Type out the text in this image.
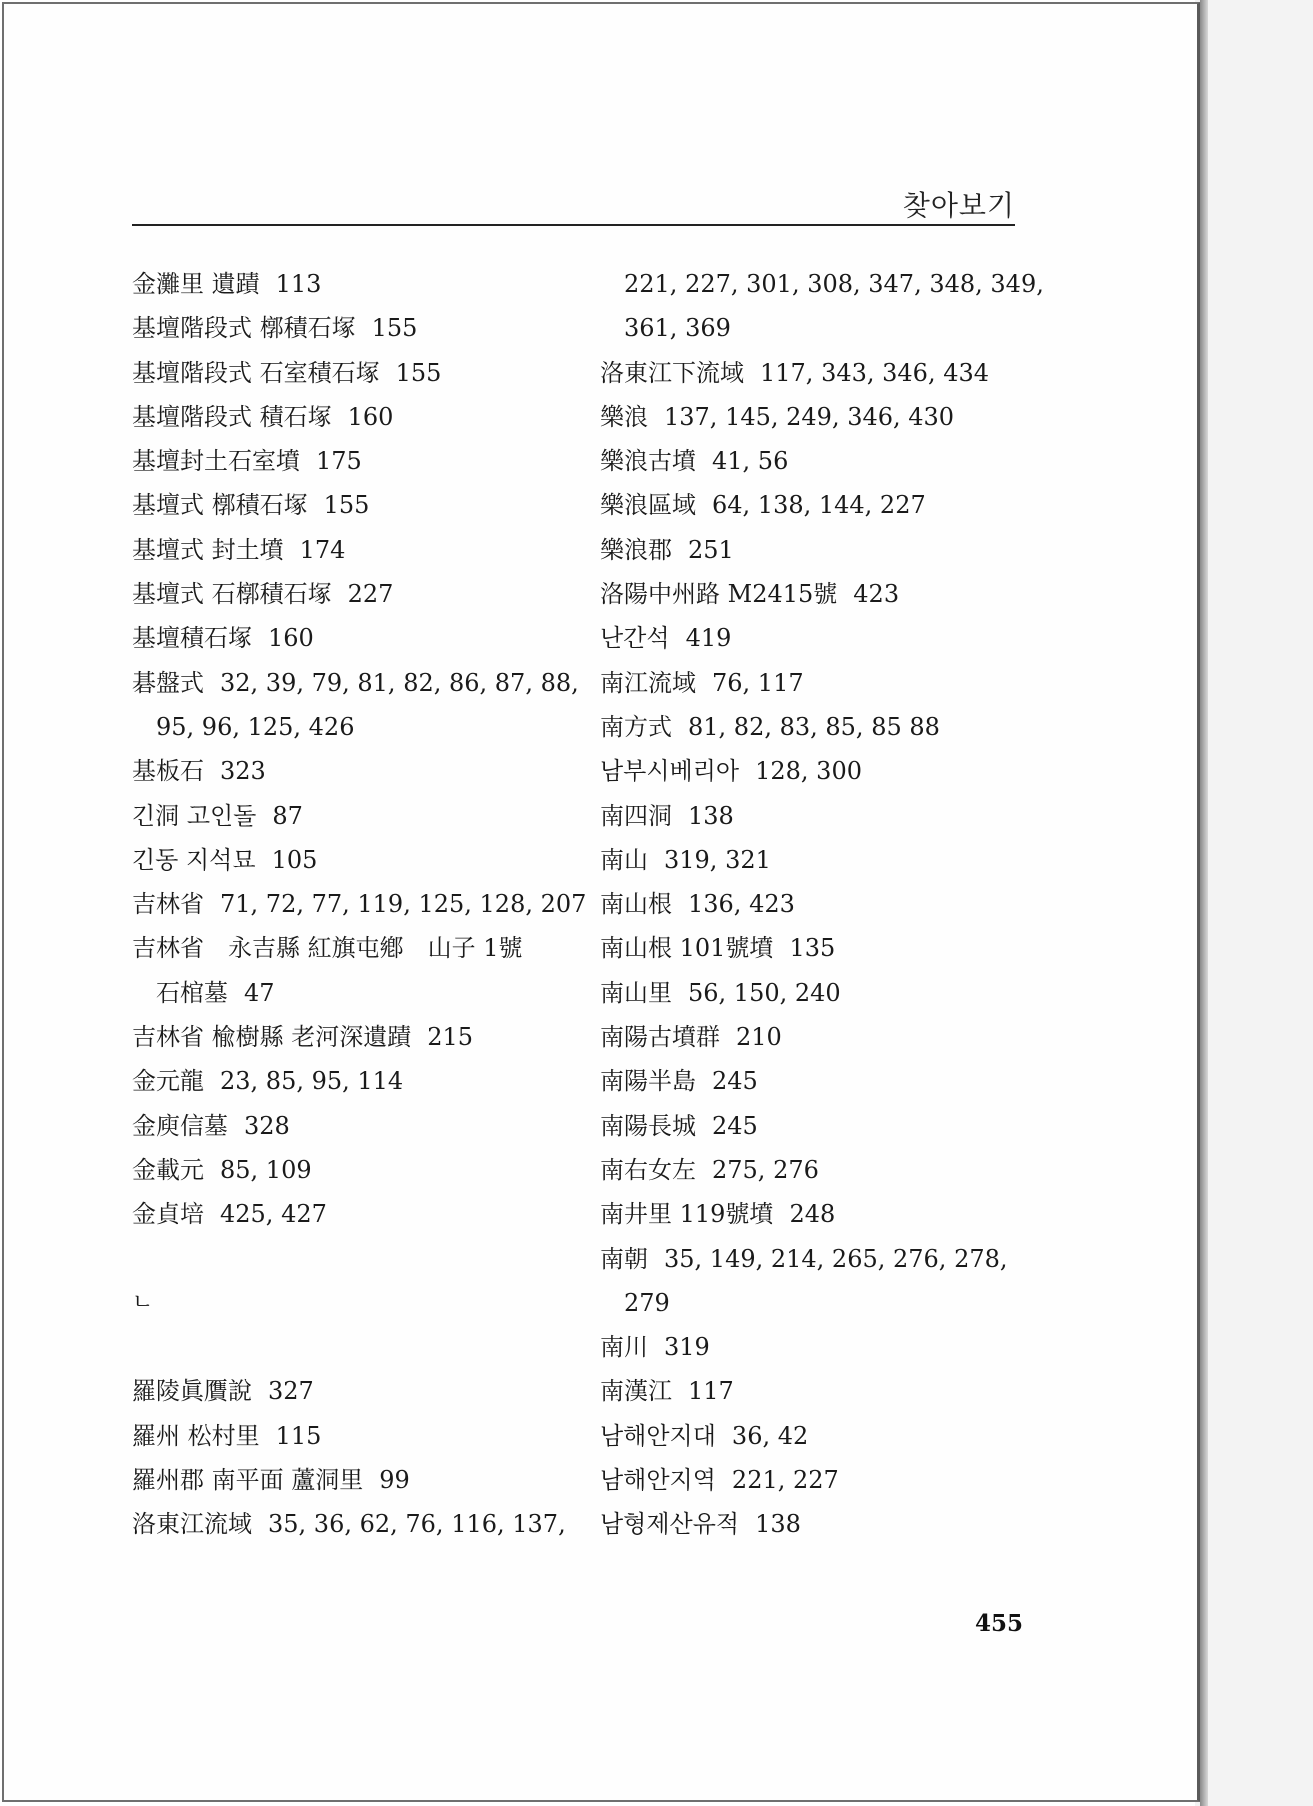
찾아보기
金灘里 遺蹟 113
基壇階段式 槨積石塚 155
基壇階段式 石室積石塚 155
基壇階段式 積石塚 160
基壇封土石室墳 175
基壇式 槨積石塚 155
基壇式 封土墳 174
基壇式 石槨積石塚 227
基壇積石塚 160
碁盤式 32, 39, 79, 81, 82, 86, 87, 88,
95, 96, 125, 426
基板石 323
긴洞 고인돌 87
긴동 지석묘 105
吉林省 71, 72, 77, 119, 125, 128, 207
吉林省　永吉縣 紅旗屯鄕　山子 1號
石棺墓 47
吉林省 楡樹縣 老河深遺蹟 215
金元龍 23, 85, 95, 114
金庾信墓 328
金載元 85, 109
金貞培 425, 427
ㄴ
羅陵眞贋說 327
羅州 松村里 115
羅州郡 南平面 蘆洞里 99
洛東江流域 35, 36, 62, 76, 116, 137,
221, 227, 301, 308, 347, 348, 349,
361, 369
洛東江下流域 117, 343, 346, 434
樂浪 137, 145, 249, 346, 430
樂浪古墳 41, 56
樂浪區域 64, 138, 144, 227
樂浪郡 251
洛陽中州路 M2415號 423
난간석 419
南江流域 76, 117
南方式 81, 82, 83, 85, 85 88
남부시베리아 128, 300
南四洞 138
南山 319, 321
南山根 136, 423
南山根 101號墳 135
南山里 56, 150, 240
南陽古墳群 210
南陽半島 245
南陽長城 245
南右女左 275, 276
南井里 119號墳 248
南朝 35, 149, 214, 265, 276, 278,
279
南川 319
南漢江 117
남해안지대 36, 42
남해안지역 221, 227
남형제산유적 138
455
